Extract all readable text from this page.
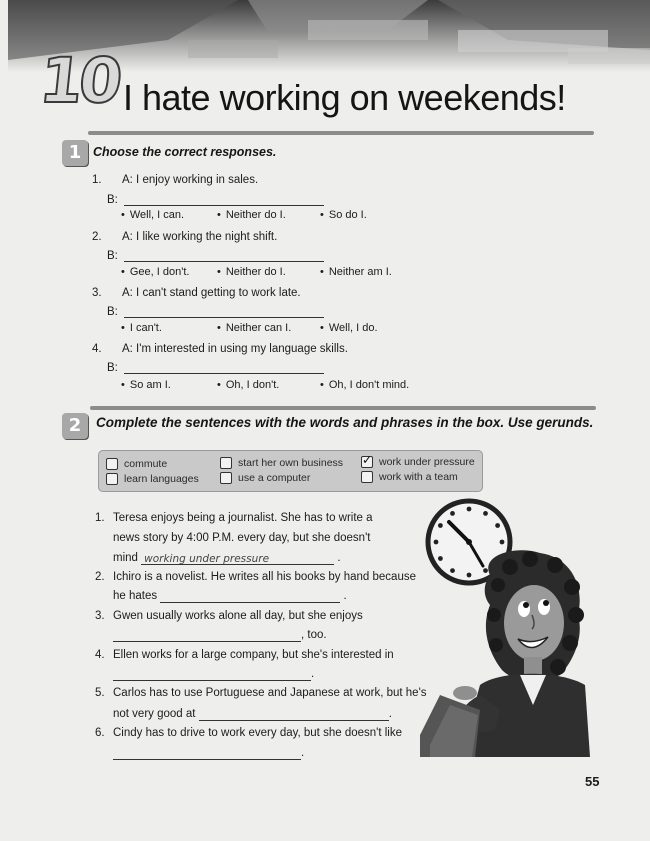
10 I hate working on weekends!
1 Choose the correct responses.
1. A: I enjoy working in sales.
B:
• Well, I can.	• Neither do I.	• So do I.
2. A: I like working the night shift.
B:
• Gee, I don't.	• Neither do I.	• Neither am I.
3. A: I can't stand getting to work late.
B:
• I can't.	• Neither can I.	• Well, I do.
4. A: I'm interested in using my language skills.
B:
• So am I.	• Oh, I don't.	• Oh, I don't mind.
2	Complete the sentences with the words and phrases in the box. Use gerunds.
commute
learn languages
start her own business
use a computer
✓
work under pressure
work with a team
1. Teresa enjoys being a journalist. She has to write a
news story by 4:00 P.M. every day, but she doesn't
mind working under pressure	.
2. Ichiro is a novelist. He writes all his books by hand because
he hates	.
3. Gwen usually works alone all day, but she enjoys
, too.
4. Ellen works for a large company, but she's interested in
.
5. Carlos has to use Portuguese and Japanese at work, but he's
not very good at	.
6. Cindy has to drive to work every day, but she doesn't like
.
55
